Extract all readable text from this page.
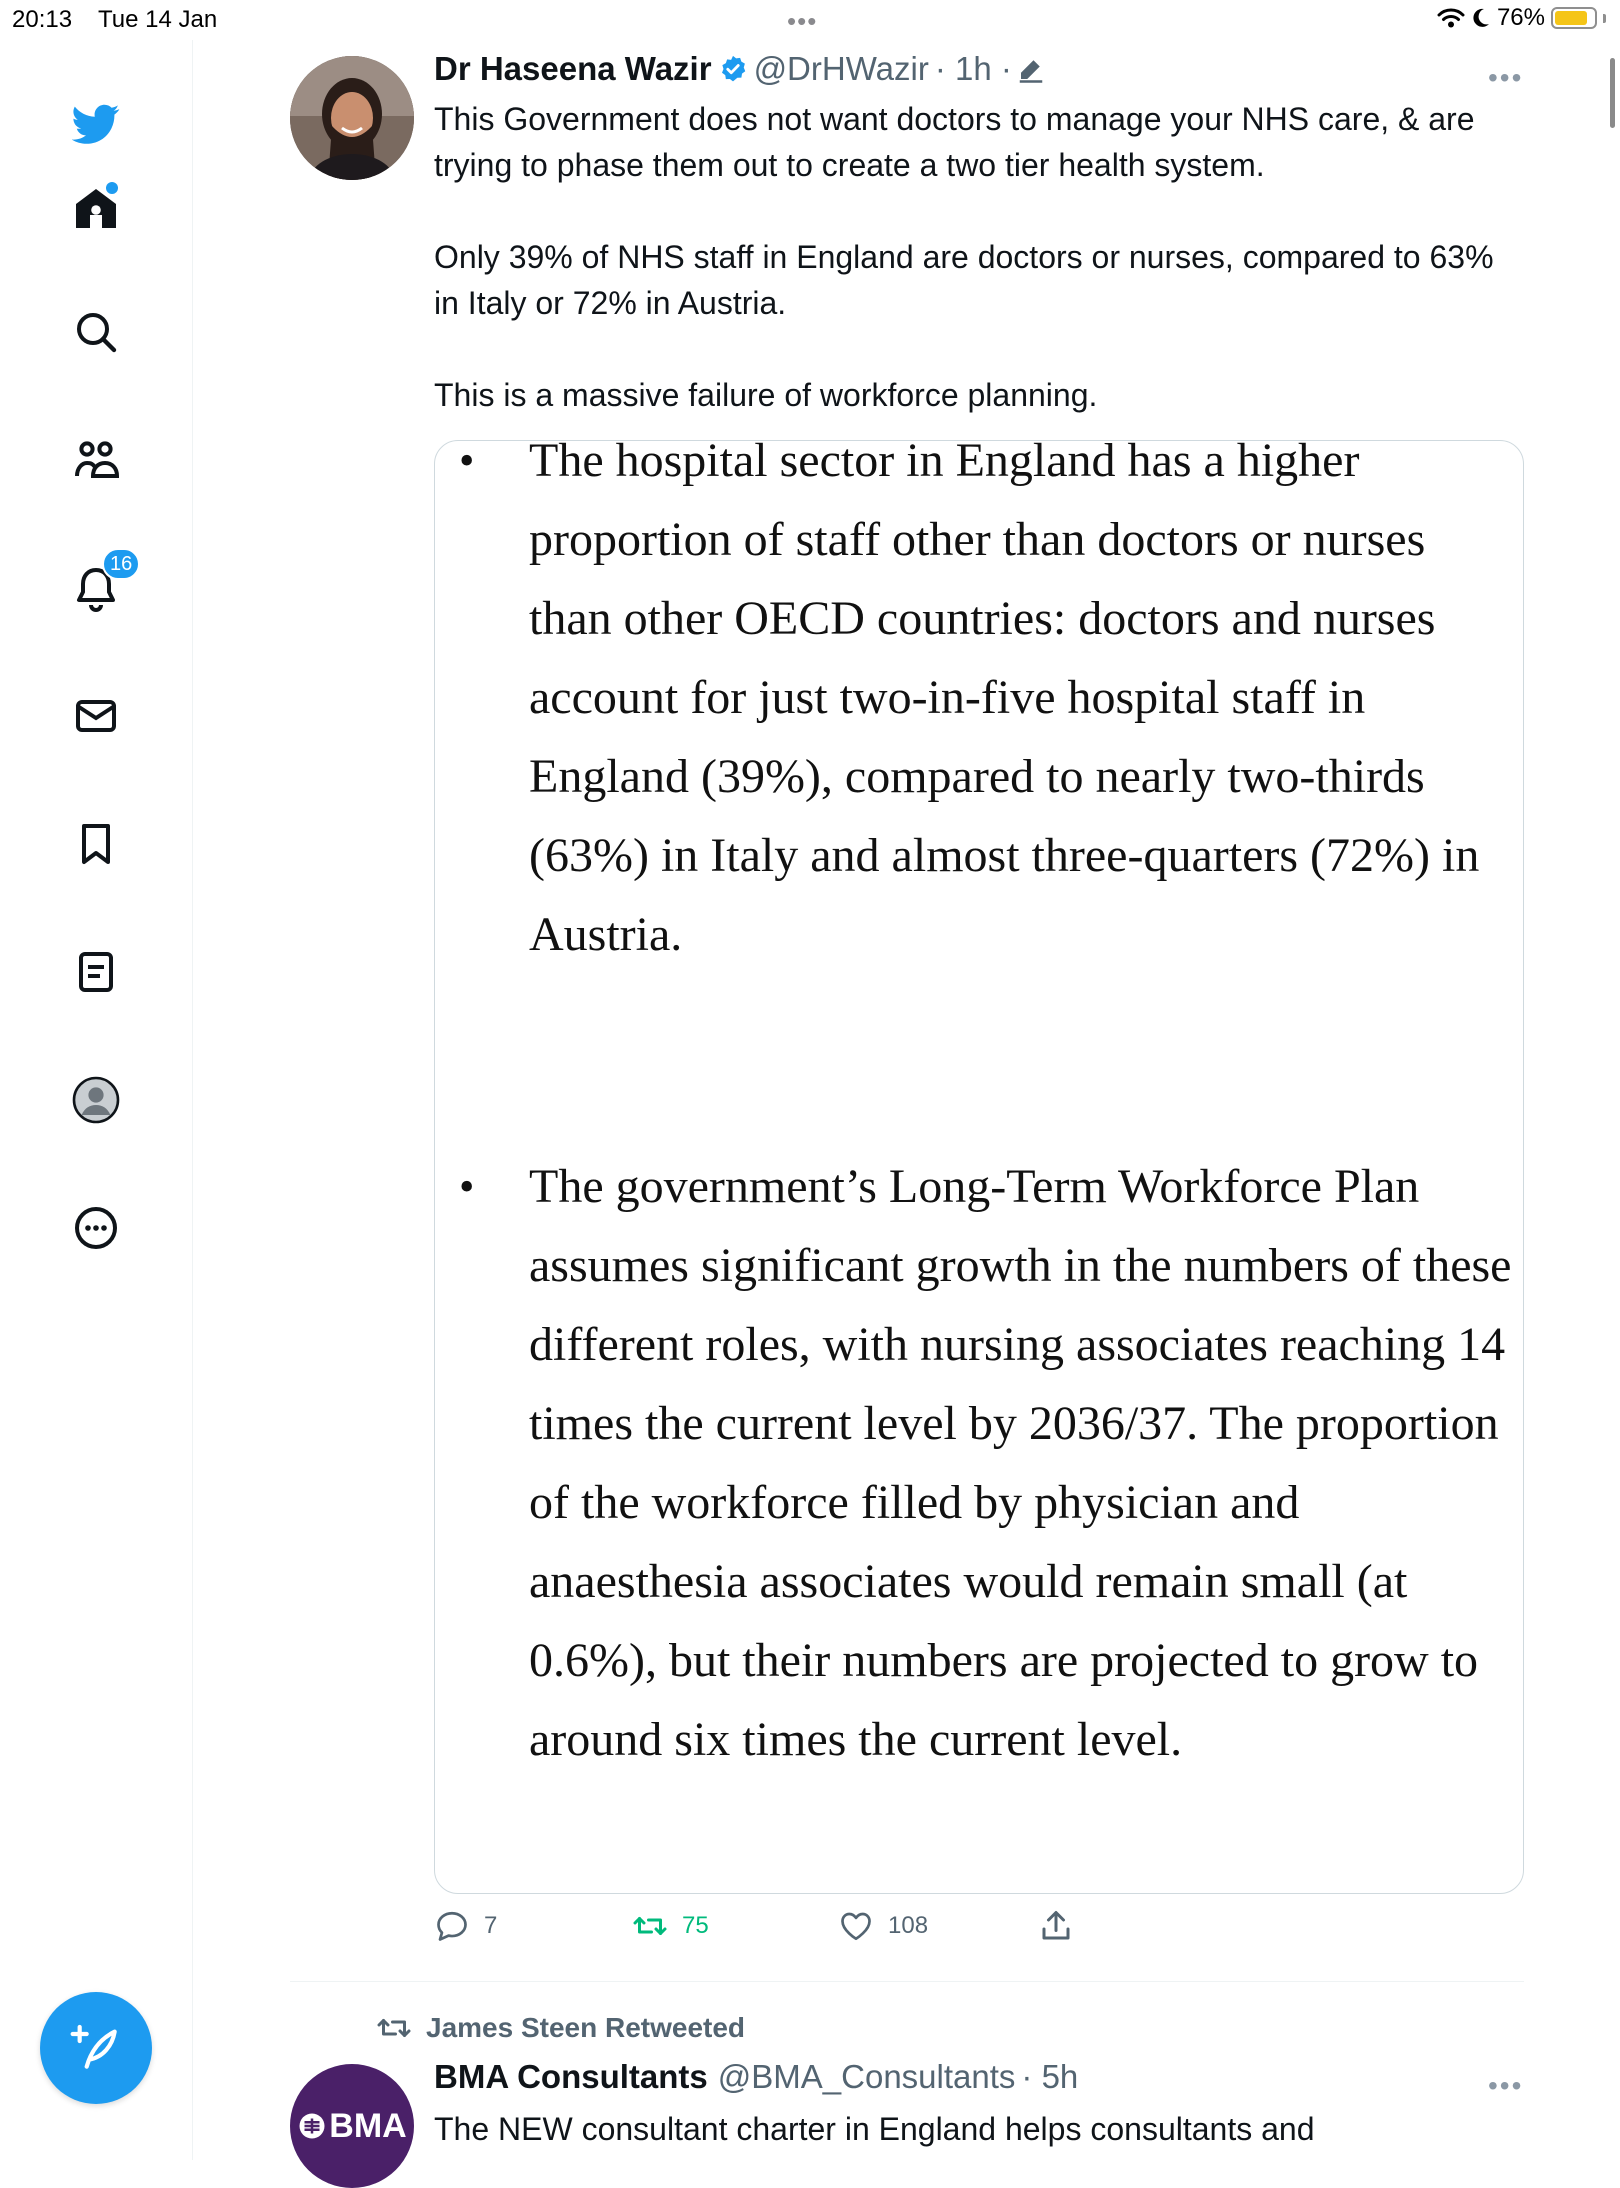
20:13 Tue 14 Jan	•••	76%
16
Dr Haseena Wazir @DrHWazir · 1h ·	•••

This Government does not want doctors to manage your NHS care, & are trying to phase them out to create a two tier health system.

Only 39% of NHS staff in England are doctors or nurses, compared to 63% in Italy or 72% in Austria.

This is a massive failure of workforce planning.

• The hospital sector in England has a higher proportion of staff other than doctors or nurses than other OECD countries: doctors and nurses account for just two-in-five hospital staff in England (39%), compared to nearly two-thirds (63%) in Italy and almost three-quarters (72%) in Austria.
• The government’s Long-Term Workforce Plan assumes significant growth in the numbers of these different roles, with nursing associates reaching 14 times the current level by 2036/37. The proportion of the workforce filled by physician and anaesthesia associates would remain small (at 0.6%), but their numbers are projected to grow to around six times the current level.
7	75	108
James Steen Retweeted
BMA
BMA Consultants @BMA_Consultants · 5h	•••
The NEW consultant charter in England helps consultants and
